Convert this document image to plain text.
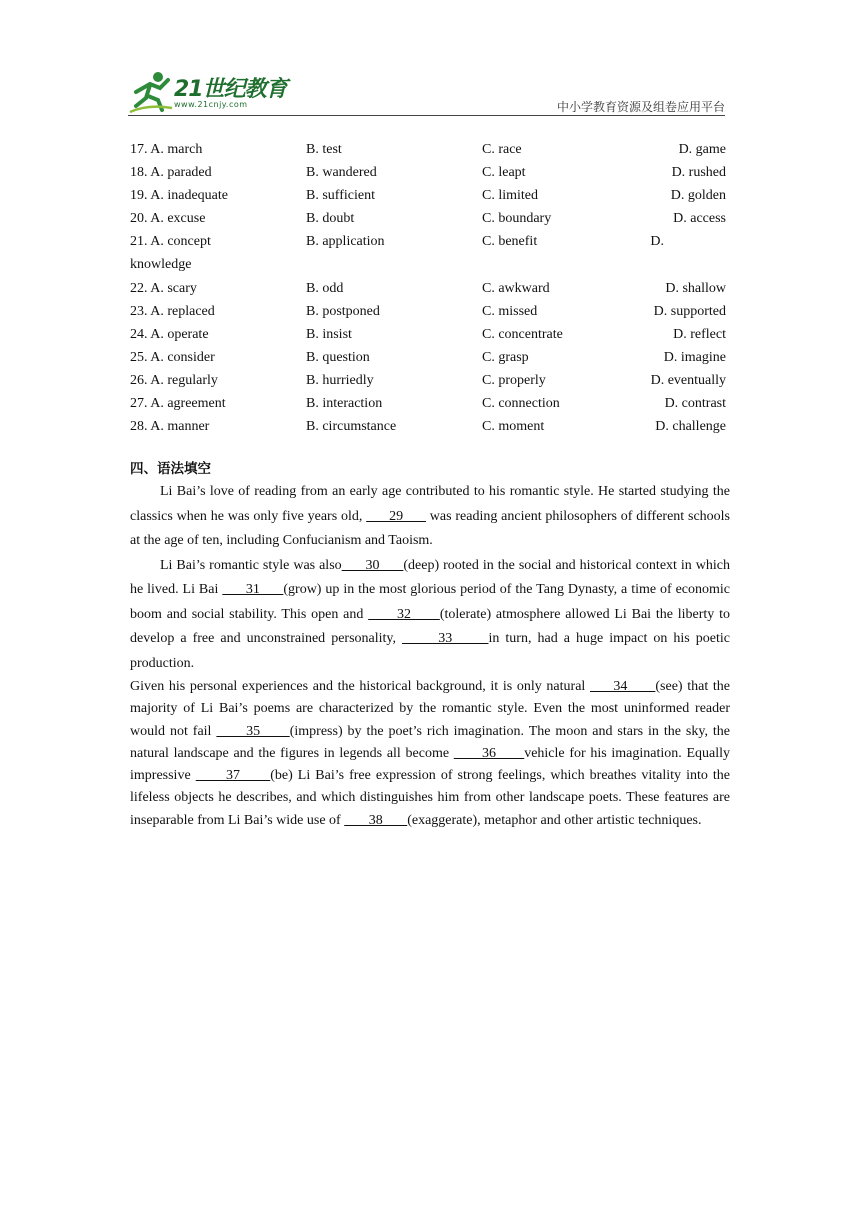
21世纪教育
www.21cnjy.com	中小学教育资源及组卷应用平台
17. A. march	B. test	C. race	D. game
18. A. paraded	B. wandered	C. leapt	D. rushed
19. A. inadequate	B. sufficient	C. limited	D. golden
20. A. excuse	B. doubt	C. boundary	D. access
21. A. concept	B. application	C. benefit	D.
knowledge
22. A. scary	B. odd	C. awkward	D. shallow
23. A. replaced	B. postponed	C. missed	D. supported
24. A. operate	B. insist	C. concentrate	D. reflect
25. A. consider	B. question	C. grasp	D. imagine
26. A. regularly	B. hurriedly	C. properly	D. eventually
27. A. agreement	B. interaction	C. connection	D. contrast
28. A. manner	B. circumstance	C. moment	D. challenge
四、语法填空

Li Bai’s love of reading from an early age contributed to his romantic style. He started studying the classics when he was only five years old,       29       was reading ancient philosophers of different schools at the age of ten, including Confucianism and Taoism.

Li Bai’s romantic style was also      30      (deep) rooted in the social and historical context in which he lived. Li Bai       31      (grow) up in the most glorious period of the Tang Dynasty, a time of economic boom and social stability. This open and       32      (tolerate) atmosphere allowed Li Bai the liberty to develop a free and unconstrained personality,       33      in turn, had a huge impact on his poetic production.

Given his personal experiences and the historical background, it is only natural      34      (see) that the majority of Li Bai’s poems are characterized by the romantic style. Even the most uninformed reader would not fail       35      (impress) by the poet’s rich imagination. The moon and stars in the sky, the natural landscape and the figures in legends all become       36      vehicle for his imagination. Equally impressive       37      (be) Li Bai’s free expression of strong feelings, which breathes vitality into the lifeless objects he describes, and which distinguishes him from other landscape poets. These features are inseparable from Li Bai’s wide use of        38       (exaggerate), metaphor and other artistic techniques.
